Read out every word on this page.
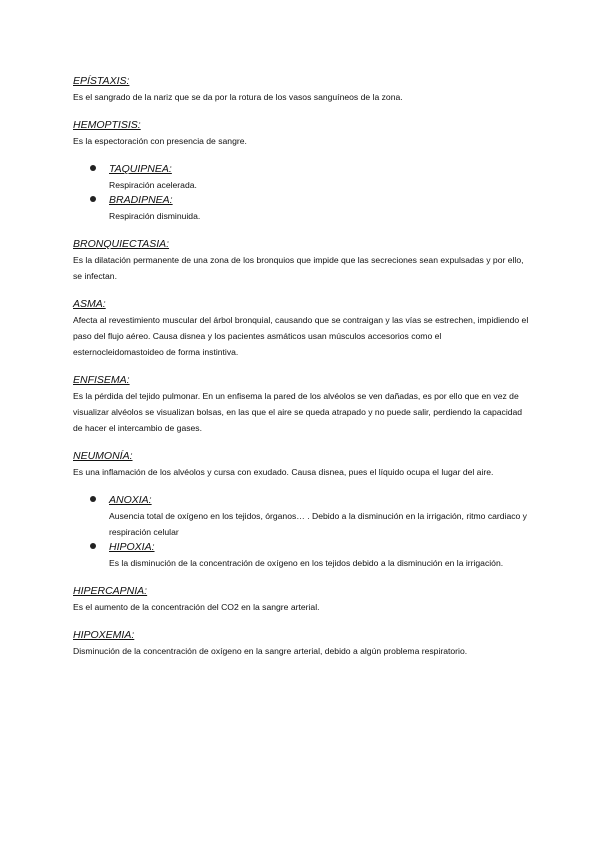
EPÍSTAXIS:

Es el sangrado de la nariz que se da por la rotura de los vasos sanguíneos de la zona.

HEMOPTISIS:

Es la espectoración con presencia de sangre.

TAQUIPNEA:

Respiración acelerada.

BRADIPNEA:

Respiración disminuida.

BRONQUIECTASIA:

Es la dilatación permanente de una zona de los bronquios que impide que las secreciones sean expulsadas y por ello, se infectan.

ASMA:

Afecta al revestimiento muscular del árbol bronquial, causando que se contraigan y las vías se estrechen, impidiendo el paso del flujo aéreo. Causa disnea y los pacientes asmáticos usan músculos accesorios como el esternocleidomastoideo de forma instintiva.

ENFISEMA:

Es la pérdida del tejido pulmonar. En un enfisema la pared de los alvéolos se ven dañadas, es por ello que en vez de visualizar alvéolos se visualizan bolsas, en las que el aire se queda atrapado y no puede salir, perdiendo la capacidad de hacer el intercambio de gases.

NEUMONÍA:

Es una inflamación de los alvéolos y cursa con exudado. Causa disnea, pues el líquido ocupa el lugar del aire.

ANOXIA:

Ausencia total de oxígeno en los tejidos, órganos… . Debido a la disminución en la irrigación, ritmo cardiaco y respiración celular

HIPOXIA:

Es la disminución de la concentración de oxígeno en los tejidos debido a la disminución en la irrigación.

HIPERCAPNIA:

Es el aumento de la concentración del CO2 en la sangre arterial.

HIPOXEMIA:

Disminución de la concentración de oxígeno en la sangre arterial, debido a algún problema respiratorio.
